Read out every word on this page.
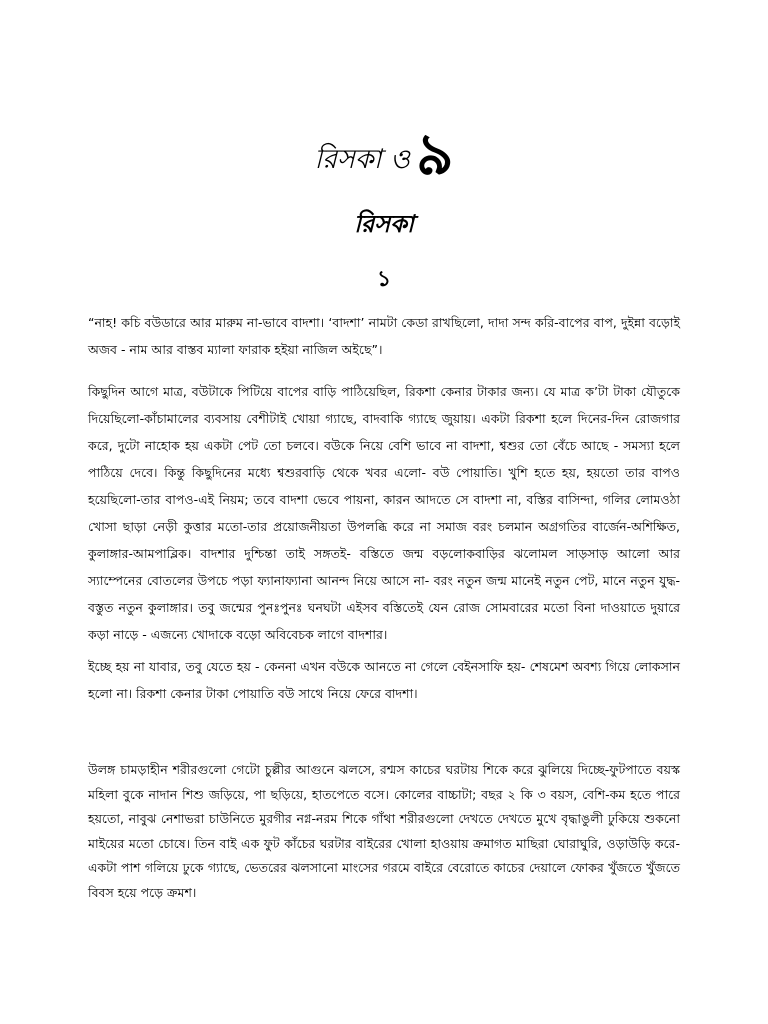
রিসকা ও ৯
রিসকা
১

“নাহ! কচি বউডারে আর মারুম না-ভাবে বাদশা। ‘বাদশা’ নামটা কেডা রাখছিলো, দাদা সন্দ করি-বাপের বাপ, দুইন্না বড়োই অজব - নাম আর বাস্তব ম্যালা ফারাক হইয়া নাজিল অইছে”।

কিছুদিন আগে মাত্র, বউটাকে পিটিয়ে বাপের বাড়ি পাঠিয়েছিল, রিকশা কেনার টাকার জন্য। যে মাত্র ক’টা টাকা যৌতুকে দিয়েছিলো-কাঁচামালের ব্যবসায় বেশীটাই খোয়া গ্যাছে, বাদবাকি গ্যাছে জুয়ায়। একটা রিকশা হলে দিনের-দিন রোজগার করে, দুটো নাহোক হয় একটা পেট তো চলবে। বউকে নিয়ে বেশি ভাবে না বাদশা, শ্বশুর তো বেঁচে আছে - সমস্যা হলে পাঠিয়ে দেবে। কিন্তু কিছুদিনের মধ্যে শ্বশুরবাড়ি থেকে খবর এলো- বউ পোয়াতি। খুশি হতে হয়, হয়তো তার বাপও হয়েছিলো-তার বাপও-এই নিয়ম; তবে বাদশা ভেবে পায়না, কারন আদতে সে বাদশা না, বস্তির বাসিন্দা, গলির লোমওঠা খোসা ছাড়া নেড়ী কুত্তার মতো-তার প্রয়োজনীয়তা উপলব্ধি করে না সমাজ বরং চলমান অগ্রগতির বার্জেন-অশিক্ষিত, কুলাঙ্গার-আমপাব্লিক। বাদশার দুশ্চিন্তা তাই সঙ্গতই- বস্তিতে জন্ম বড়লোকবাড়ির ঝলোমল সাড়সাড় আলো আর স্যাম্পেনের বোতলের উপচে পড়া ফ্যানাফ্যানা আনন্দ নিয়ে আসে না- বরং নতুন জন্ম মানেই নতুন পেট, মানে নতুন যুদ্ধ- বস্তুত নতুন কুলাঙ্গার। তবু জন্মের পুনঃপুনঃ ঘনঘটা এইসব বস্তিতেই যেন রোজ সোমবারের মতো বিনা দাওয়াতে দুয়ারে কড়া নাড়ে - এজন্যে খোদাকে বড়ো অবিবেচক লাগে বাদশার।

ইচ্ছে হয় না যাবার, তবু যেতে হয় - কেননা এখন বউকে আনতে না গেলে বেইনসাফি হয়- শেষমেশ অবশ্য গিয়ে লোকসান হলো না। রিকশা কেনার টাকা পোয়াতি বউ সাথে নিয়ে ফেরে বাদশা।

উলঙ্গ চামড়াহীন শরীরগুলো গেটো চুল্লীর আগুনে ঝলসে, রশ্মস কাচের ঘরটায় শিকে করে ঝুলিয়ে দিচ্ছে-ফুটপাতে বয়স্ক মহিলা বুকে নাদান শিশু জড়িয়ে, পা ছড়িয়ে, হাতপেতে বসে। কোলের বাচ্চাটা; বছর ২ কি ৩ বয়স, বেশি-কম হতে পারে হয়তো, নাবুঝ নেশাভরা চাউনিতে মুরগীর নগ্ন-নরম শিকে গাঁথা শরীরগুলো দেখতে দেখতে মুখে বৃদ্ধাঙুলী ঢুকিয়ে শুকনো মাইয়ের মতো চোষে। তিন বাই এক ফুট কাঁচের ঘরটার বাইরের খোলা হাওয়ায় ক্রমাগত মাছিরা ঘোরাঘুরি, ওড়াউড়ি করে-একটা পাশ গলিয়ে ঢুকে গ্যাছে, ভেতরের ঝলসানো মাংসের গরমে বাইরে বেরোতে কাচের দেয়ালে ফোকর খুঁজতে খুঁজতে বিবস হয়ে পড়ে ক্রমশ।
